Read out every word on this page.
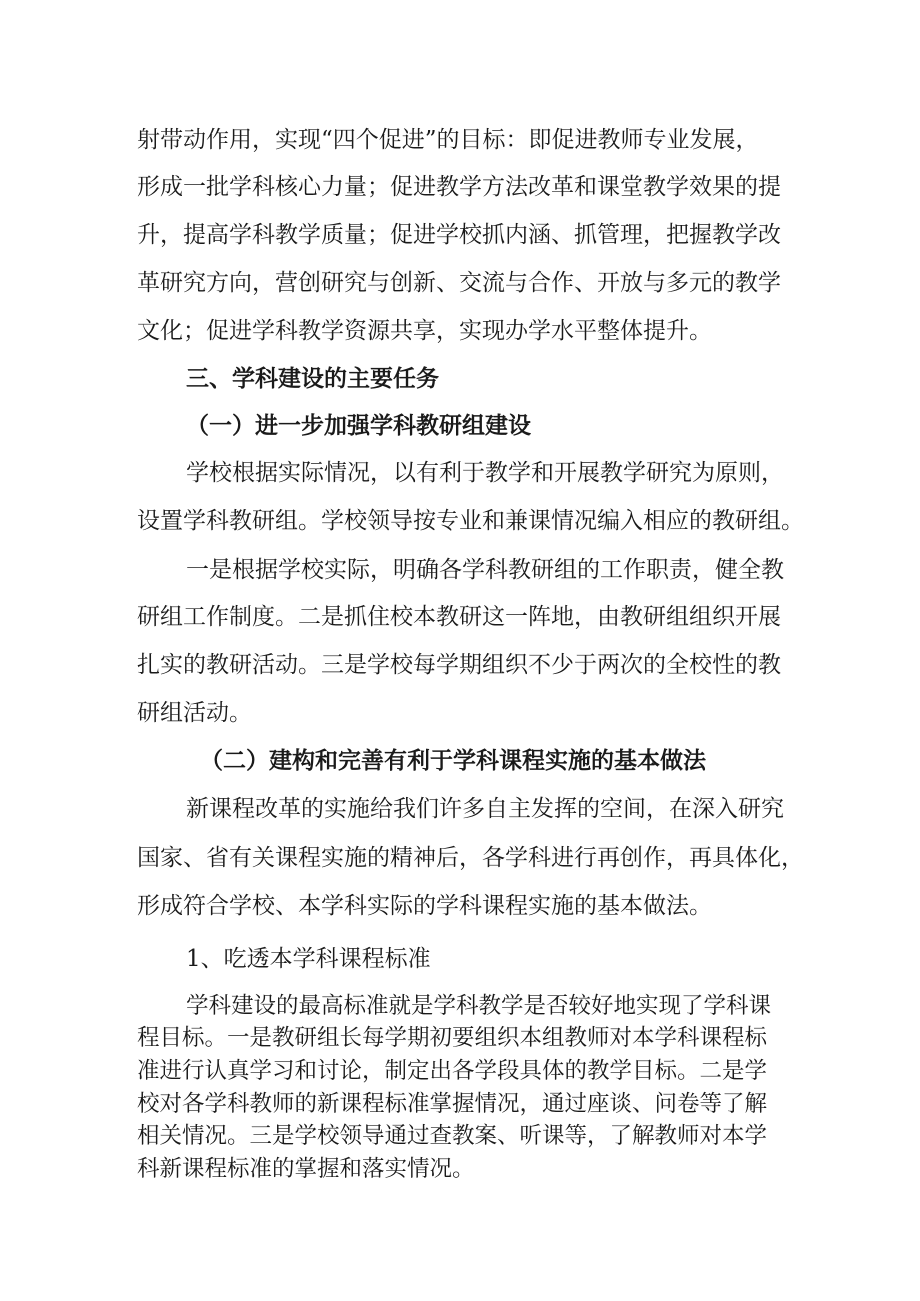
射带动作用，实现“四个促进”的目标：即促进教师专业发展，
形成一批学科核心力量；促进教学方法改革和课堂教学效果的提
升，提高学科教学质量；促进学校抓内涵、抓管理，把握教学改
革研究方向，营创研究与创新、交流与合作、开放与多元的教学
文化；促进学科教学资源共享，实现办学水平整体提升。
三、学科建设的主要任务
（一）进一步加强学科教研组建设
学校根据实际情况，以有利于教学和开展教学研究为原则，
设置学科教研组。学校领导按专业和兼课情况编入相应的教研组。
一是根据学校实际，明确各学科教研组的工作职责，健全教
研组工作制度。二是抓住校本教研这一阵地，由教研组组织开展
扎实的教研活动。三是学校每学期组织不少于两次的全校性的教
研组活动。
（二）建构和完善有利于学科课程实施的基本做法
新课程改革的实施给我们许多自主发挥的空间，在深入研究
国家、省有关课程实施的精神后，各学科进行再创作，再具体化，
形成符合学校、本学科实际的学科课程实施的基本做法。
1、吃透本学科课程标准
学科建设的最高标准就是学科教学是否较好地实现了学科课
程目标。一是教研组长每学期初要组织本组教师对本学科课程标
准进行认真学习和讨论，制定出各学段具体的教学目标。二是学
校对各学科教师的新课程标准掌握情况，通过座谈、问卷等了解
相关情况。三是学校领导通过查教案、听课等，了解教师对本学
科新课程标准的掌握和落实情况。
